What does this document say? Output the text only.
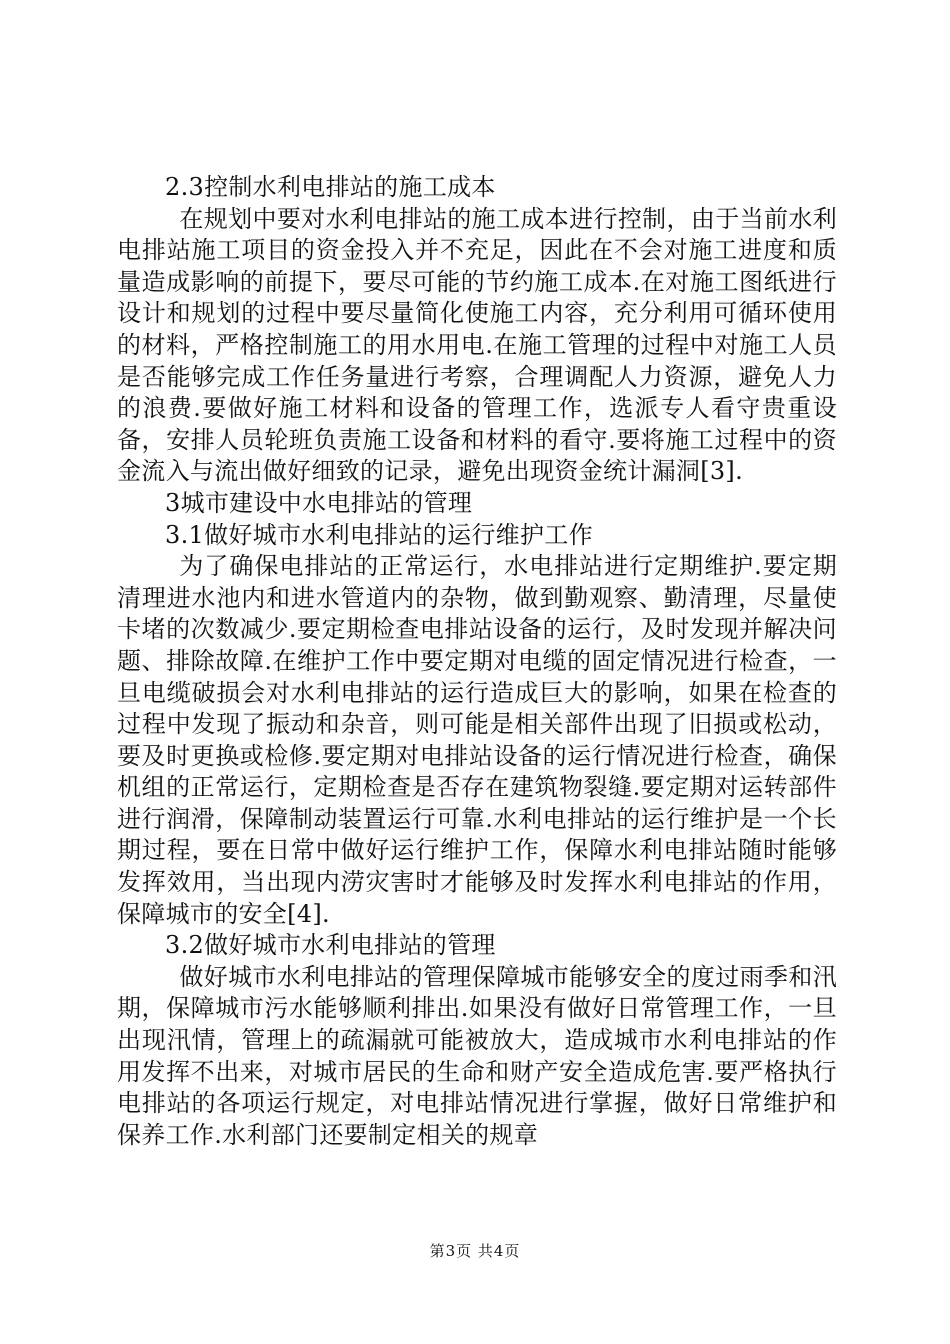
2.3控制水利电排站的施工成本

在规划中要对水利电排站的施工成本进行控制，由于当前水利电排站施工项目的资金投入并不充足，因此在不会对施工进度和质量造成影响的前提下，要尽可能的节约施工成本.在对施工图纸进行设计和规划的过程中要尽量简化使施工内容，充分利用可循环使用的材料，严格控制施工的用水用电.在施工管理的过程中对施工人员是否能够完成工作任务量进行考察，合理调配人力资源，避免人力的浪费.要做好施工材料和设备的管理工作，选派专人看守贵重设备，安排人员轮班负责施工设备和材料的看守.要将施工过程中的资金流入与流出做好细致的记录，避免出现资金统计漏洞[3].

3城市建设中水电排站的管理

3.1做好城市水利电排站的运行维护工作

为了确保电排站的正常运行，水电排站进行定期维护.要定期清理进水池内和进水管道内的杂物，做到勤观察、勤清理，尽量使卡堵的次数减少.要定期检查电排站设备的运行，及时发现并解决问题、排除故障.在维护工作中要定期对电缆的固定情况进行检查，一旦电缆破损会对水利电排站的运行造成巨大的影响，如果在检查的过程中发现了振动和杂音，则可能是相关部件出现了旧损或松动，要及时更换或检修.要定期对电排站设备的运行情况进行检查，确保机组的正常运行，定期检查是否存在建筑物裂缝.要定期对运转部件进行润滑，保障制动装置运行可靠.水利电排站的运行维护是一个长期过程，要在日常中做好运行维护工作，保障水利电排站随时能够发挥效用，当出现内涝灾害时才能够及时发挥水利电排站的作用，保障城市的安全[4].

3.2做好城市水利电排站的管理

做好城市水利电排站的管理保障城市能够安全的度过雨季和汛期，保障城市污水能够顺利排出.如果没有做好日常管理工作，一旦出现汛情，管理上的疏漏就可能被放大，造成城市水利电排站的作用发挥不出来，对城市居民的生命和财产安全造成危害.要严格执行电排站的各项运行规定，对电排站情况进行掌握，做好日常维护和保养工作.水利部门还要制定相关的规章

第3页 共4页
